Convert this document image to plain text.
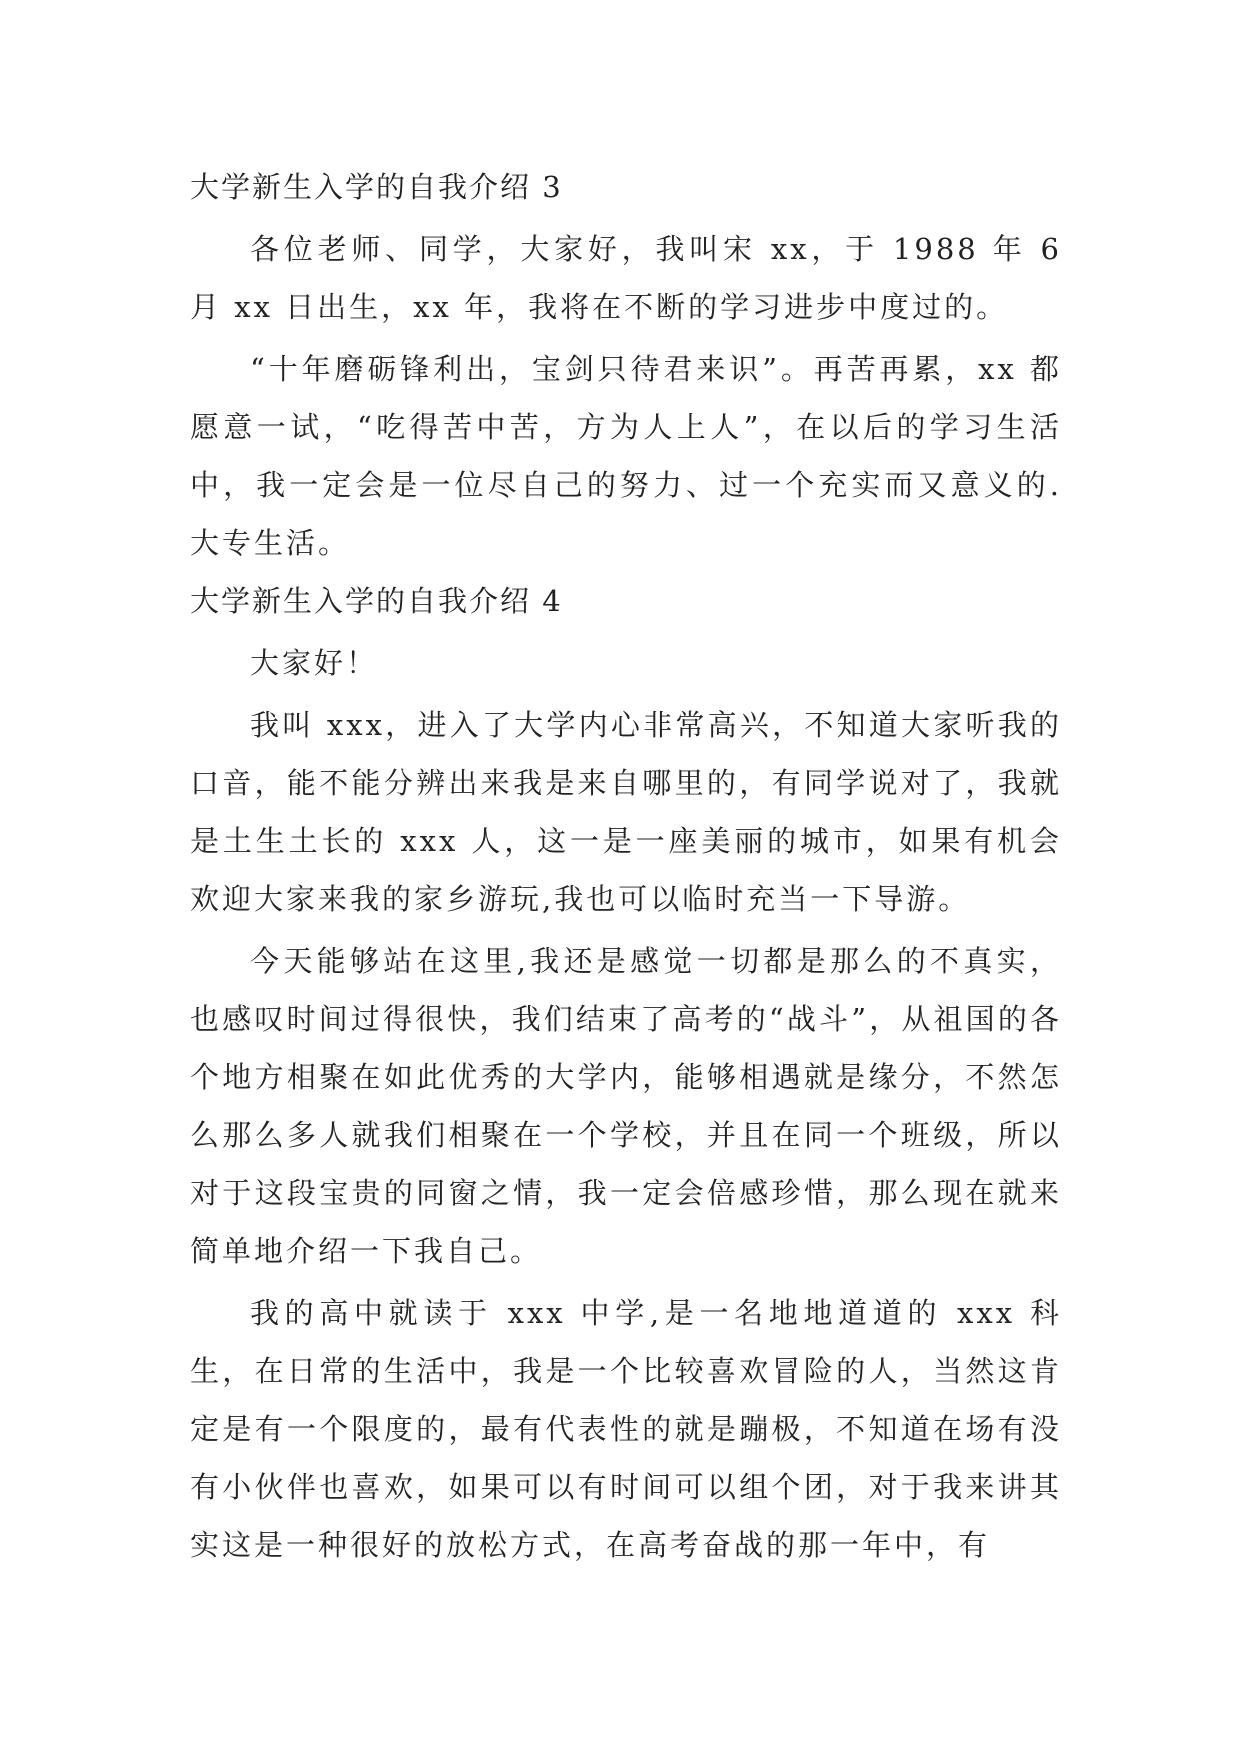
大学新生入学的自我介绍 3

各位老师、同学，大家好，我叫宋 xx，于 1988 年 6 月 xx 日出生，xx 年，我将在不断的学习进步中度过的。

“十年磨砺锋利出，宝剑只待君来识”。再苦再累，xx 都愿意一试，“吃得苦中苦，方为人上人”，在以后的学习生活中，我一定会是一位尽自己的努力、过一个充实而又意义的. 大专生活。

大学新生入学的自我介绍 4

大家好！

我叫 xxx，进入了大学内心非常高兴，不知道大家听我的口音，能不能分辨出来我是来自哪里的，有同学说对了，我就是土生土长的 xxx 人，这一是一座美丽的城市，如果有机会欢迎大家来我的家乡游玩,我也可以临时充当一下导游。

今天能够站在这里,我还是感觉一切都是那么的不真实，也感叹时间过得很快，我们结束了高考的“战斗”，从祖国的各个地方相聚在如此优秀的大学内，能够相遇就是缘分，不然怎么那么多人就我们相聚在一个学校，并且在同一个班级，所以对于这段宝贵的同窗之情，我一定会倍感珍惜，那么现在就来简单地介绍一下我自己。

我的高中就读于 xxx 中学,是一名地地道道的 xxx 科生，在日常的生活中，我是一个比较喜欢冒险的人，当然这肯定是有一个限度的，最有代表性的就是蹦极，不知道在场有没有小伙伴也喜欢，如果可以有时间可以组个团，对于我来讲其实这是一种很好的放松方式，在高考奋战的那一年中，有
